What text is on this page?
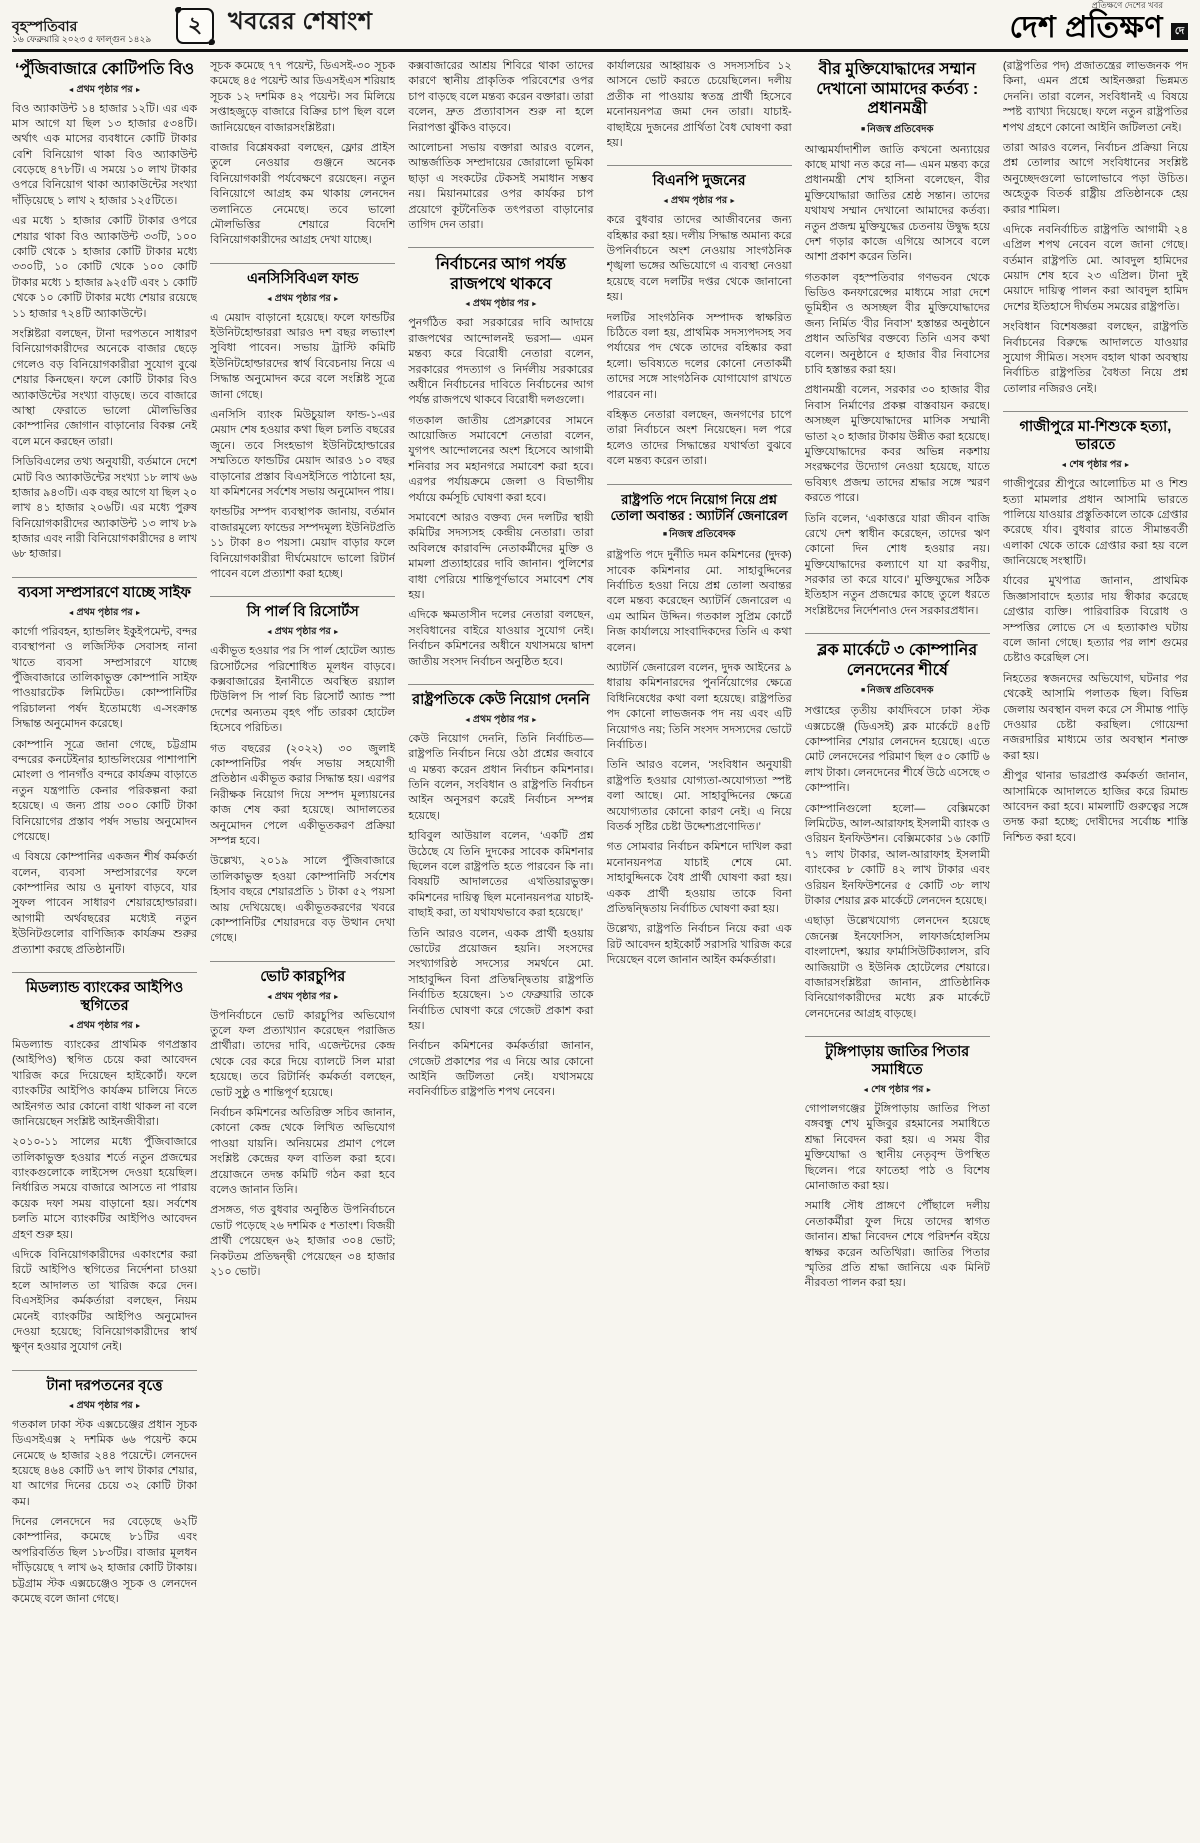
বৃহস্পতিবার
১৬ ফেব্রুয়ারি ২০২৩ ৫ ফাল্গুন ১৪২৯
২ খবরের শেষাংশ
প্রতিক্ষণে দেশের খবর
দেশ প্রতিক্ষণ	দে
‘পুঁজিবাজারে কোটিপতি বিও
◄ প্রথম পৃষ্ঠার পর ►

বিও অ্যাকাউন্ট ১৪ হাজার ১২টি। এর এক মাস আগে যা ছিল ১৩ হাজার ৫৩৪টি। অর্থাৎ এক মাসের ব্যবধানে কোটি টাকার বেশি বিনিয়োগ থাকা বিও অ্যাকাউন্ট বেড়েছে ৪৭৮টি। এ সময়ে ১০ লাখ টাকার ওপরে বিনিয়োগ থাকা অ্যাকাউন্টের সংখ্যা দাঁড়িয়েছে ১ লাখ ২ হাজার ১২৫টিতে।

এর মধ্যে ১ হাজার কোটি টাকার ওপরে শেয়ার থাকা বিও অ্যাকাউন্ট ৩৩টি, ১০০ কোটি থেকে ১ হাজার কোটি টাকার মধ্যে ৩৩০টি, ১০ কোটি থেকে ১০০ কোটি টাকার মধ্যে ১ হাজার ৯২৫টি এবং ১ কোটি থেকে ১০ কোটি টাকার মধ্যে শেয়ার রয়েছে ১১ হাজার ৭২৪টি অ্যাকাউন্টে।

সংশ্লিষ্টরা বলছেন, টানা দরপতনে সাধারণ বিনিয়োগকারীদের অনেকে বাজার ছেড়ে গেলেও বড় বিনিয়োগকারীরা সুযোগ বুঝে শেয়ার কিনছেন। ফলে কোটি টাকার বিও অ্যাকাউন্টের সংখ্যা বাড়ছে। তবে বাজারে আস্থা ফেরাতে ভালো মৌলভিত্তির কোম্পানির জোগান বাড়ানোর বিকল্প নেই বলে মনে করছেন তারা।

সিডিবিএলের তথ্য অনুযায়ী, বর্তমানে দেশে মোট বিও অ্যাকাউন্টের সংখ্যা ১৮ লাখ ৬৬ হাজার ৯৪৩টি। এক বছর আগে যা ছিল ২০ লাখ ৪১ হাজার ২০৬টি। এর মধ্যে পুরুষ বিনিয়োগকারীদের অ্যাকাউন্ট ১৩ লাখ ৮৯ হাজার এবং নারী বিনিয়োগকারীদের ৪ লাখ ৬৮ হাজার।

ব্যবসা সম্প্রসারণে যাচ্ছে সাইফ
◄ প্রথম পৃষ্ঠার পর ►

কার্গো পরিবহন, হ্যান্ডলিং ইকুইপমেন্ট, বন্দর ব্যবস্থাপনা ও লজিস্টিক সেবাসহ নানা খাতে ব্যবসা সম্প্রসারণে যাচ্ছে পুঁজিবাজারে তালিকাভুক্ত কোম্পানি সাইফ পাওয়ারটেক লিমিটেড। কোম্পানিটির পরিচালনা পর্ষদ ইতোমধ্যে এ-সংক্রান্ত সিদ্ধান্ত অনুমোদন করেছে।

কোম্পানি সূত্রে জানা গেছে, চট্টগ্রাম বন্দরের কনটেইনার হ্যান্ডলিংয়ের পাশাপাশি মোংলা ও পানগাঁও বন্দরে কার্যক্রম বাড়াতে নতুন যন্ত্রপাতি কেনার পরিকল্পনা করা হয়েছে। এ জন্য প্রায় ৩০০ কোটি টাকা বিনিয়োগের প্রস্তাব পর্ষদ সভায় অনুমোদন পেয়েছে।

এ বিষয়ে কোম্পানির একজন শীর্ষ কর্মকর্তা বলেন, ব্যবসা সম্প্রসারণের ফলে কোম্পানির আয় ও মুনাফা বাড়বে, যার সুফল পাবেন সাধারণ শেয়ারহোল্ডাররা। আগামী অর্থবছরের মধ্যেই নতুন ইউনিটগুলোর বাণিজ্যিক কার্যক্রম শুরুর প্রত্যাশা করছে প্রতিষ্ঠানটি।

মিডল্যান্ড ব্যাংকের আইপিও স্থগিতের
◄ প্রথম পৃষ্ঠার পর ►

মিডল্যান্ড ব্যাংকের প্রাথমিক গণপ্রস্তাব (আইপিও) স্থগিত চেয়ে করা আবেদন খারিজ করে দিয়েছেন হাইকোর্ট। ফলে ব্যাংকটির আইপিও কার্যক্রম চালিয়ে নিতে আইনগত আর কোনো বাধা থাকল না বলে জানিয়েছেন সংশ্লিষ্ট আইনজীবীরা।

২০১০-১১ সালের মধ্যে পুঁজিবাজারে তালিকাভুক্ত হওয়ার শর্তে নতুন প্রজন্মের ব্যাংকগুলোকে লাইসেন্স দেওয়া হয়েছিল। নির্ধারিত সময়ে বাজারে আসতে না পারায় কয়েক দফা সময় বাড়ানো হয়। সর্বশেষ চলতি মাসে ব্যাংকটির আইপিও আবেদন গ্রহণ শুরু হয়।

এদিকে বিনিয়োগকারীদের একাংশের করা রিটে আইপিও স্থগিতের নির্দেশনা চাওয়া হলে আদালত তা খারিজ করে দেন। বিএসইসির কর্মকর্তারা বলছেন, নিয়ম মেনেই ব্যাংকটির আইপিও অনুমোদন দেওয়া হয়েছে; বিনিয়োগকারীদের স্বার্থ ক্ষুণ্ন হওয়ার সুযোগ নেই।

টানা দরপতনের বৃত্তে
◄ প্রথম পৃষ্ঠার পর ►

গতকাল ঢাকা স্টক এক্সচেঞ্জের প্রধান সূচক ডিএসইএক্স ২ দশমিক ৬৬ পয়েন্ট কমে নেমেছে ৬ হাজার ২৪৪ পয়েন্টে। লেনদেন হয়েছে ৪৬৪ কোটি ৬৭ লাখ টাকার শেয়ার, যা আগের দিনের চেয়ে ৩২ কোটি টাকা কম।

দিনের লেনদেনে দর বেড়েছে ৬২টি কোম্পানির, কমেছে ৮১টির এবং অপরিবর্তিত ছিল ১৮৩টির। বাজার মূলধন দাঁড়িয়েছে ৭ লাখ ৬২ হাজার কোটি টাকায়। চট্টগ্রাম স্টক এক্সচেঞ্জেও সূচক ও লেনদেন কমেছে বলে জানা গেছে।

সূচক কমেছে ৭৭ পয়েন্ট, ডিএসই-৩০ সূচক কমেছে ৪৫ পয়েন্ট আর ডিএসইএস শরিয়াহ সূচক ১২ দশমিক ৪২ পয়েন্ট। সব মিলিয়ে সপ্তাহজুড়ে বাজারে বিক্রির চাপ ছিল বলে জানিয়েছেন বাজারসংশ্লিষ্টরা।

বাজার বিশ্লেষকরা বলছেন, ফ্লোর প্রাইস তুলে নেওয়ার গুঞ্জনে অনেক বিনিয়োগকারী পর্যবেক্ষণে রয়েছেন। নতুন বিনিয়োগে আগ্রহ কম থাকায় লেনদেন তলানিতে নেমেছে। তবে ভালো মৌলভিত্তির শেয়ারে বিদেশি বিনিয়োগকারীদের আগ্রহ দেখা যাচ্ছে।

এনসিসিবিএল ফান্ড
◄ প্রথম পৃষ্ঠার পর ►

এ মেয়াদ বাড়ানো হয়েছে। ফলে ফান্ডটির ইউনিটহোল্ডাররা আরও দশ বছর লভ্যাংশ সুবিধা পাবেন। সভায় ট্রাস্টি কমিটি ইউনিটহোল্ডারদের স্বার্থ বিবেচনায় নিয়ে এ সিদ্ধান্ত অনুমোদন করে বলে সংশ্লিষ্ট সূত্রে জানা গেছে।

এনসিসি ব্যাংক মিউচুয়াল ফান্ড-১-এর মেয়াদ শেষ হওয়ার কথা ছিল চলতি বছরের জুনে। তবে সিংহভাগ ইউনিটহোল্ডারের সম্মতিতে ফান্ডটির মেয়াদ আরও ১০ বছর বাড়ানোর প্রস্তাব বিএসইসিতে পাঠানো হয়, যা কমিশনের সর্বশেষ সভায় অনুমোদন পায়।

ফান্ডটির সম্পদ ব্যবস্থাপক জানায়, বর্তমান বাজারমূল্যে ফান্ডের সম্পদমূল্য ইউনিটপ্রতি ১১ টাকা ৪৩ পয়সা। মেয়াদ বাড়ার ফলে বিনিয়োগকারীরা দীর্ঘমেয়াদে ভালো রিটার্ন পাবেন বলে প্রত্যাশা করা হচ্ছে।

সি পার্ল বি রিসোর্টস
◄ প্রথম পৃষ্ঠার পর ►

একীভূত হওয়ার পর সি পার্ল হোটেল অ্যান্ড রিসোর্টসের পরিশোধিত মূলধন বাড়বে। কক্সবাজারের ইনানীতে অবস্থিত রয়্যাল টিউলিপ সি পার্ল বিচ রিসোর্ট অ্যান্ড স্পা দেশের অন্যতম বৃহৎ পাঁচ তারকা হোটেল হিসেবে পরিচিত।

গত বছরের (২০২২) ৩০ জুলাই কোম্পানিটির পর্ষদ সভায় সহযোগী প্রতিষ্ঠান একীভূত করার সিদ্ধান্ত হয়। এরপর নিরীক্ষক নিয়োগ দিয়ে সম্পদ মূল্যায়নের কাজ শেষ করা হয়েছে। আদালতের অনুমোদন পেলে একীভূতকরণ প্রক্রিয়া সম্পন্ন হবে।

উল্লেখ্য, ২০১৯ সালে পুঁজিবাজারে তালিকাভুক্ত হওয়া কোম্পানিটি সর্বশেষ হিসাব বছরে শেয়ারপ্রতি ১ টাকা ৫২ পয়সা আয় দেখিয়েছে। একীভূতকরণের খবরে কোম্পানিটির শেয়ারদরে বড় উত্থান দেখা গেছে।

ভোট কারচুপির
◄ প্রথম পৃষ্ঠার পর ►

উপনির্বাচনে ভোট কারচুপির অভিযোগ তুলে ফল প্রত্যাখ্যান করেছেন পরাজিত প্রার্থীরা। তাদের দাবি, এজেন্টদের কেন্দ্র থেকে বের করে দিয়ে ব্যালটে সিল মারা হয়েছে। তবে রিটার্নিং কর্মকর্তা বলছেন, ভোট সুষ্ঠু ও শান্তিপূর্ণ হয়েছে।

নির্বাচন কমিশনের অতিরিক্ত সচিব জানান, কোনো কেন্দ্র থেকে লিখিত অভিযোগ পাওয়া যায়নি। অনিয়মের প্রমাণ পেলে সংশ্লিষ্ট কেন্দ্রের ফল বাতিল করা হবে। প্রয়োজনে তদন্ত কমিটি গঠন করা হবে বলেও জানান তিনি।

প্রসঙ্গত, গত বুধবার অনুষ্ঠিত উপনির্বাচনে ভোট পড়েছে ২৬ দশমিক ৫ শতাংশ। বিজয়ী প্রার্থী পেয়েছেন ৬২ হাজার ৩০৪ ভোট; নিকটতম প্রতিদ্বন্দ্বী পেয়েছেন ৩৪ হাজার ২১০ ভোট।

কক্সবাজারের আশ্রয় শিবিরে থাকা তাদের কারণে স্থানীয় প্রাকৃতিক পরিবেশের ওপর চাপ বাড়ছে বলে মন্তব্য করেন বক্তারা। তারা বলেন, দ্রুত প্রত্যাবাসন শুরু না হলে নিরাপত্তা ঝুঁকিও বাড়বে।

আলোচনা সভায় বক্তারা আরও বলেন, আন্তর্জাতিক সম্প্রদায়ের জোরালো ভূমিকা ছাড়া এ সংকটের টেকসই সমাধান সম্ভব নয়। মিয়ানমারের ওপর কার্যকর চাপ প্রয়োগে কূটনৈতিক তৎপরতা বাড়ানোর তাগিদ দেন তারা।

নির্বাচনের আগ পর্যন্ত রাজপথে থাকবে
◄ প্রথম পৃষ্ঠার পর ►

পুনর্গঠিত করা সরকারের দাবি আদায়ে রাজপথের আন্দোলনই ভরসা— এমন মন্তব্য করে বিরোধী নেতারা বলেন, সরকারের পদত্যাগ ও নির্দলীয় সরকারের অধীনে নির্বাচনের দাবিতে নির্বাচনের আগ পর্যন্ত রাজপথে থাকবে বিরোধী দলগুলো।

গতকাল জাতীয় প্রেসক্লাবের সামনে আয়োজিত সমাবেশে নেতারা বলেন, যুগপৎ আন্দোলনের অংশ হিসেবে আগামী শনিবার সব মহানগরে সমাবেশ করা হবে। এরপর পর্যায়ক্রমে জেলা ও বিভাগীয় পর্যায়ে কর্মসূচি ঘোষণা করা হবে।

সমাবেশে আরও বক্তব্য দেন দলটির স্থায়ী কমিটির সদস্যসহ কেন্দ্রীয় নেতারা। তারা অবিলম্বে কারাবন্দি নেতাকর্মীদের মুক্তি ও মামলা প্রত্যাহারের দাবি জানান। পুলিশের বাধা পেরিয়ে শান্তিপূর্ণভাবে সমাবেশ শেষ হয়।

এদিকে ক্ষমতাসীন দলের নেতারা বলছেন, সংবিধানের বাইরে যাওয়ার সুযোগ নেই। নির্বাচন কমিশনের অধীনে যথাসময়ে দ্বাদশ জাতীয় সংসদ নির্বাচন অনুষ্ঠিত হবে।

রাষ্ট্রপতিকে কেউ নিয়োগ দেননি
◄ প্রথম পৃষ্ঠার পর ►

কেউ নিয়োগ দেননি, তিনি নির্বাচিত— রাষ্ট্রপতি নির্বাচন নিয়ে ওঠা প্রশ্নের জবাবে এ মন্তব্য করেন প্রধান নির্বাচন কমিশনার। তিনি বলেন, সংবিধান ও রাষ্ট্রপতি নির্বাচন আইন অনুসরণ করেই নির্বাচন সম্পন্ন হয়েছে।

হাবিবুল আউয়াল বলেন, ‘একটি প্রশ্ন উঠেছে যে তিনি দুদকের সাবেক কমিশনার ছিলেন বলে রাষ্ট্রপতি হতে পারবেন কি না। বিষয়টি আদালতের এখতিয়ারভুক্ত। কমিশনের দায়িত্ব ছিল মনোনয়নপত্র যাচাই-বাছাই করা, তা যথাযথভাবে করা হয়েছে।’

তিনি আরও বলেন, একক প্রার্থী হওয়ায় ভোটের প্রয়োজন হয়নি। সংসদের সংখ্যাগরিষ্ঠ সদস্যের সমর্থনে মো. সাহাবুদ্দিন বিনা প্রতিদ্বন্দ্বিতায় রাষ্ট্রপতি নির্বাচিত হয়েছেন। ১৩ ফেব্রুয়ারি তাকে নির্বাচিত ঘোষণা করে গেজেট প্রকাশ করা হয়।

নির্বাচন কমিশনের কর্মকর্তারা জানান, গেজেট প্রকাশের পর এ নিয়ে আর কোনো আইনি জটিলতা নেই। যথাসময়ে নবনির্বাচিত রাষ্ট্রপতি শপথ নেবেন।

কার্যালয়ের আহ্বায়ক ও সদস্যসচিব ১২ আসনে ভোট করতে চেয়েছিলেন। দলীয় প্রতীক না পাওয়ায় স্বতন্ত্র প্রার্থী হিসেবে মনোনয়নপত্র জমা দেন তারা। যাচাই-বাছাইয়ে দুজনের প্রার্থিতা বৈধ ঘোষণা করা হয়।

বিএনপি দুজনের
◄ প্রথম পৃষ্ঠার পর ►

করে বুধবার তাদের আজীবনের জন্য বহিষ্কার করা হয়। দলীয় সিদ্ধান্ত অমান্য করে উপনির্বাচনে অংশ নেওয়ায় সাংগঠনিক শৃঙ্খলা ভঙ্গের অভিযোগে এ ব্যবস্থা নেওয়া হয়েছে বলে দলটির দপ্তর থেকে জানানো হয়।

দলটির সাংগঠনিক সম্পাদক স্বাক্ষরিত চিঠিতে বলা হয়, প্রাথমিক সদস্যপদসহ সব পর্যায়ের পদ থেকে তাদের বহিষ্কার করা হলো। ভবিষ্যতে দলের কোনো নেতাকর্মী তাদের সঙ্গে সাংগঠনিক যোগাযোগ রাখতে পারবেন না।

বহিষ্কৃত নেতারা বলছেন, জনগণের চাপে তারা নির্বাচনে অংশ নিয়েছেন। দল পরে হলেও তাদের সিদ্ধান্তের যথার্থতা বুঝবে বলে মন্তব্য করেন তারা।

রাষ্ট্রপতি পদে নিয়োগ নিয়ে প্রশ্ন তোলা অবান্তর : অ্যাটর্নি জেনারেল
■ নিজস্ব প্রতিবেদক

রাষ্ট্রপতি পদে দুর্নীতি দমন কমিশনের (দুদক) সাবেক কমিশনার মো. সাহাবুদ্দিনের নির্বাচিত হওয়া নিয়ে প্রশ্ন তোলা অবান্তর বলে মন্তব্য করেছেন অ্যাটর্নি জেনারেল এ এম আমিন উদ্দিন। গতকাল সুপ্রিম কোর্টে নিজ কার্যালয়ে সাংবাদিকদের তিনি এ কথা বলেন।

অ্যাটর্নি জেনারেল বলেন, দুদক আইনের ৯ ধারায় কমিশনারদের পুনর্নিয়োগের ক্ষেত্রে বিধিনিষেধের কথা বলা হয়েছে। রাষ্ট্রপতির পদ কোনো লাভজনক পদ নয় এবং এটি নিয়োগও নয়; তিনি সংসদ সদস্যদের ভোটে নির্বাচিত।

তিনি আরও বলেন, ‘সংবিধান অনুযায়ী রাষ্ট্রপতি হওয়ার যোগ্যতা-অযোগ্যতা স্পষ্ট বলা আছে। মো. সাহাবুদ্দিনের ক্ষেত্রে অযোগ্যতার কোনো কারণ নেই। এ নিয়ে বিতর্ক সৃষ্টির চেষ্টা উদ্দেশ্যপ্রণোদিত।’

গত সোমবার নির্বাচন কমিশনে দাখিল করা মনোনয়নপত্র যাচাই শেষে মো. সাহাবুদ্দিনকে বৈধ প্রার্থী ঘোষণা করা হয়। একক প্রার্থী হওয়ায় তাকে বিনা প্রতিদ্বন্দ্বিতায় নির্বাচিত ঘোষণা করা হয়।

উল্লেখ্য, রাষ্ট্রপতি নির্বাচন নিয়ে করা এক রিট আবেদন হাইকোর্ট সরাসরি খারিজ করে দিয়েছেন বলে জানান আইন কর্মকর্তারা।

বীর মুক্তিযোদ্ধাদের সম্মান দেখানো আমাদের কর্তব্য : প্রধানমন্ত্রী
■ নিজস্ব প্রতিবেদক

আত্মমর্যাদাশীল জাতি কখনো অন্যায়ের কাছে মাথা নত করে না— এমন মন্তব্য করে প্রধানমন্ত্রী শেখ হাসিনা বলেছেন, বীর মুক্তিযোদ্ধারা জাতির শ্রেষ্ঠ সন্তান। তাদের যথাযথ সম্মান দেখানো আমাদের কর্তব্য। নতুন প্রজন্ম মুক্তিযুদ্ধের চেতনায় উদ্বুদ্ধ হয়ে দেশ গড়ার কাজে এগিয়ে আসবে বলে আশা প্রকাশ করেন তিনি।

গতকাল বৃহস্পতিবার গণভবন থেকে ভিডিও কনফারেন্সের মাধ্যমে সারা দেশে ভূমিহীন ও অসচ্ছল বীর মুক্তিযোদ্ধাদের জন্য নির্মিত ‘বীর নিবাস’ হস্তান্তর অনুষ্ঠানে প্রধান অতিথির বক্তব্যে তিনি এসব কথা বলেন। অনুষ্ঠানে ৫ হাজার বীর নিবাসের চাবি হস্তান্তর করা হয়।

প্রধানমন্ত্রী বলেন, সরকার ৩০ হাজার বীর নিবাস নির্মাণের প্রকল্প বাস্তবায়ন করছে। অসচ্ছল মুক্তিযোদ্ধাদের মাসিক সম্মানী ভাতা ২০ হাজার টাকায় উন্নীত করা হয়েছে। মুক্তিযোদ্ধাদের কবর অভিন্ন নকশায় সংরক্ষণের উদ্যোগ নেওয়া হয়েছে, যাতে ভবিষ্যৎ প্রজন্ম তাদের শ্রদ্ধার সঙ্গে স্মরণ করতে পারে।

তিনি বলেন, ‘একাত্তরে যারা জীবন বাজি রেখে দেশ স্বাধীন করেছেন, তাদের ঋণ কোনো দিন শোধ হওয়ার নয়। মুক্তিযোদ্ধাদের কল্যাণে যা যা করণীয়, সরকার তা করে যাবে।’ মুক্তিযুদ্ধের সঠিক ইতিহাস নতুন প্রজন্মের কাছে তুলে ধরতে সংশ্লিষ্টদের নির্দেশনাও দেন সরকারপ্রধান।

ব্লক মার্কেটে ৩ কোম্পানির লেনদেনের শীর্ষে
■ নিজস্ব প্রতিবেদক

সপ্তাহের তৃতীয় কার্যদিবসে ঢাকা স্টক এক্সচেঞ্জে (ডিএসই) ব্লক মার্কেটে ৪৫টি কোম্পানির শেয়ার লেনদেন হয়েছে। এতে মোট লেনদেনের পরিমাণ ছিল ৫০ কোটি ৬ লাখ টাকা। লেনদেনের শীর্ষে উঠে এসেছে ৩ কোম্পানি।

কোম্পানিগুলো হলো— বেক্সিমকো লিমিটেড, আল-আরাফাহ ইসলামী ব্যাংক ও ওরিয়ন ইনফিউশন। বেক্সিমকোর ১৬ কোটি ৭১ লাখ টাকার, আল-আরাফাহ ইসলামী ব্যাংকের ৮ কোটি ৪২ লাখ টাকার এবং ওরিয়ন ইনফিউশনের ৫ কোটি ৩৮ লাখ টাকার শেয়ার ব্লক মার্কেটে লেনদেন হয়েছে।

এছাড়া উল্লেখযোগ্য লেনদেন হয়েছে জেনেক্স ইনফোসিস, লাফার্জহোলসিম বাংলাদেশ, স্কয়ার ফার্মাসিউটিক্যালস, রবি আজিয়াটা ও ইউনিক হোটেলের শেয়ারে। বাজারসংশ্লিষ্টরা জানান, প্রাতিষ্ঠানিক বিনিয়োগকারীদের মধ্যে ব্লক মার্কেটে লেনদেনের আগ্রহ বাড়ছে।

টুঙ্গিপাড়ায় জাতির পিতার সমাধিতে
◄ শেষ পৃষ্ঠার পর ►

গোপালগঞ্জের টুঙ্গিপাড়ায় জাতির পিতা বঙ্গবন্ধু শেখ মুজিবুর রহমানের সমাধিতে শ্রদ্ধা নিবেদন করা হয়। এ সময় বীর মুক্তিযোদ্ধা ও স্থানীয় নেতৃবৃন্দ উপস্থিত ছিলেন। পরে ফাতেহা পাঠ ও বিশেষ মোনাজাত করা হয়।

সমাধি সৌধ প্রাঙ্গণে পৌঁছালে দলীয় নেতাকর্মীরা ফুল দিয়ে তাদের স্বাগত জানান। শ্রদ্ধা নিবেদন শেষে পরিদর্শন বইয়ে স্বাক্ষর করেন অতিথিরা। জাতির পিতার স্মৃতির প্রতি শ্রদ্ধা জানিয়ে এক মিনিট নীরবতা পালন করা হয়।

(রাষ্ট্রপতির পদ) প্রজাতন্ত্রের লাভজনক পদ কিনা, এমন প্রশ্নে আইনজ্ঞরা ভিন্নমত দেননি। তারা বলেন, সংবিধানই এ বিষয়ে স্পষ্ট ব্যাখ্যা দিয়েছে। ফলে নতুন রাষ্ট্রপতির শপথ গ্রহণে কোনো আইনি জটিলতা নেই।

তারা আরও বলেন, নির্বাচন প্রক্রিয়া নিয়ে প্রশ্ন তোলার আগে সংবিধানের সংশ্লিষ্ট অনুচ্ছেদগুলো ভালোভাবে পড়া উচিত। অহেতুক বিতর্ক রাষ্ট্রীয় প্রতিষ্ঠানকে হেয় করার শামিল।

এদিকে নবনির্বাচিত রাষ্ট্রপতি আগামী ২৪ এপ্রিল শপথ নেবেন বলে জানা গেছে। বর্তমান রাষ্ট্রপতি মো. আবদুল হামিদের মেয়াদ শেষ হবে ২৩ এপ্রিল। টানা দুই মেয়াদে দায়িত্ব পালন করা আবদুল হামিদ দেশের ইতিহাসে দীর্ঘতম সময়ের রাষ্ট্রপতি।

সংবিধান বিশেষজ্ঞরা বলছেন, রাষ্ট্রপতি নির্বাচনের বিরুদ্ধে আদালতে যাওয়ার সুযোগ সীমিত। সংসদ বহাল থাকা অবস্থায় নির্বাচিত রাষ্ট্রপতির বৈধতা নিয়ে প্রশ্ন তোলার নজিরও নেই।

গাজীপুরে মা-শিশুকে হত্যা, ভারতে
◄ শেষ পৃষ্ঠার পর ►

গাজীপুরের শ্রীপুরে আলোচিত মা ও শিশু হত্যা মামলার প্রধান আসামি ভারতে পালিয়ে যাওয়ার প্রস্তুতিকালে তাকে গ্রেপ্তার করেছে র্যাব। বুধবার রাতে সীমান্তবর্তী এলাকা থেকে তাকে গ্রেপ্তার করা হয় বলে জানিয়েছে সংস্থাটি।

র্যাবের মুখপাত্র জানান, প্রাথমিক জিজ্ঞাসাবাদে হত্যার দায় স্বীকার করেছে গ্রেপ্তার ব্যক্তি। পারিবারিক বিরোধ ও সম্পত্তির লোভে সে এ হত্যাকাণ্ড ঘটায় বলে জানা গেছে। হত্যার পর লাশ গুমের চেষ্টাও করেছিল সে।

নিহতের স্বজনদের অভিযোগ, ঘটনার পর থেকেই আসামি পলাতক ছিল। বিভিন্ন জেলায় অবস্থান বদল করে সে সীমান্ত পাড়ি দেওয়ার চেষ্টা করছিল। গোয়েন্দা নজরদারির মাধ্যমে তার অবস্থান শনাক্ত করা হয়।

শ্রীপুর থানার ভারপ্রাপ্ত কর্মকর্তা জানান, আসামিকে আদালতে হাজির করে রিমান্ড আবেদন করা হবে। মামলাটি গুরুত্বের সঙ্গে তদন্ত করা হচ্ছে; দোষীদের সর্বোচ্চ শাস্তি নিশ্চিত করা হবে।
